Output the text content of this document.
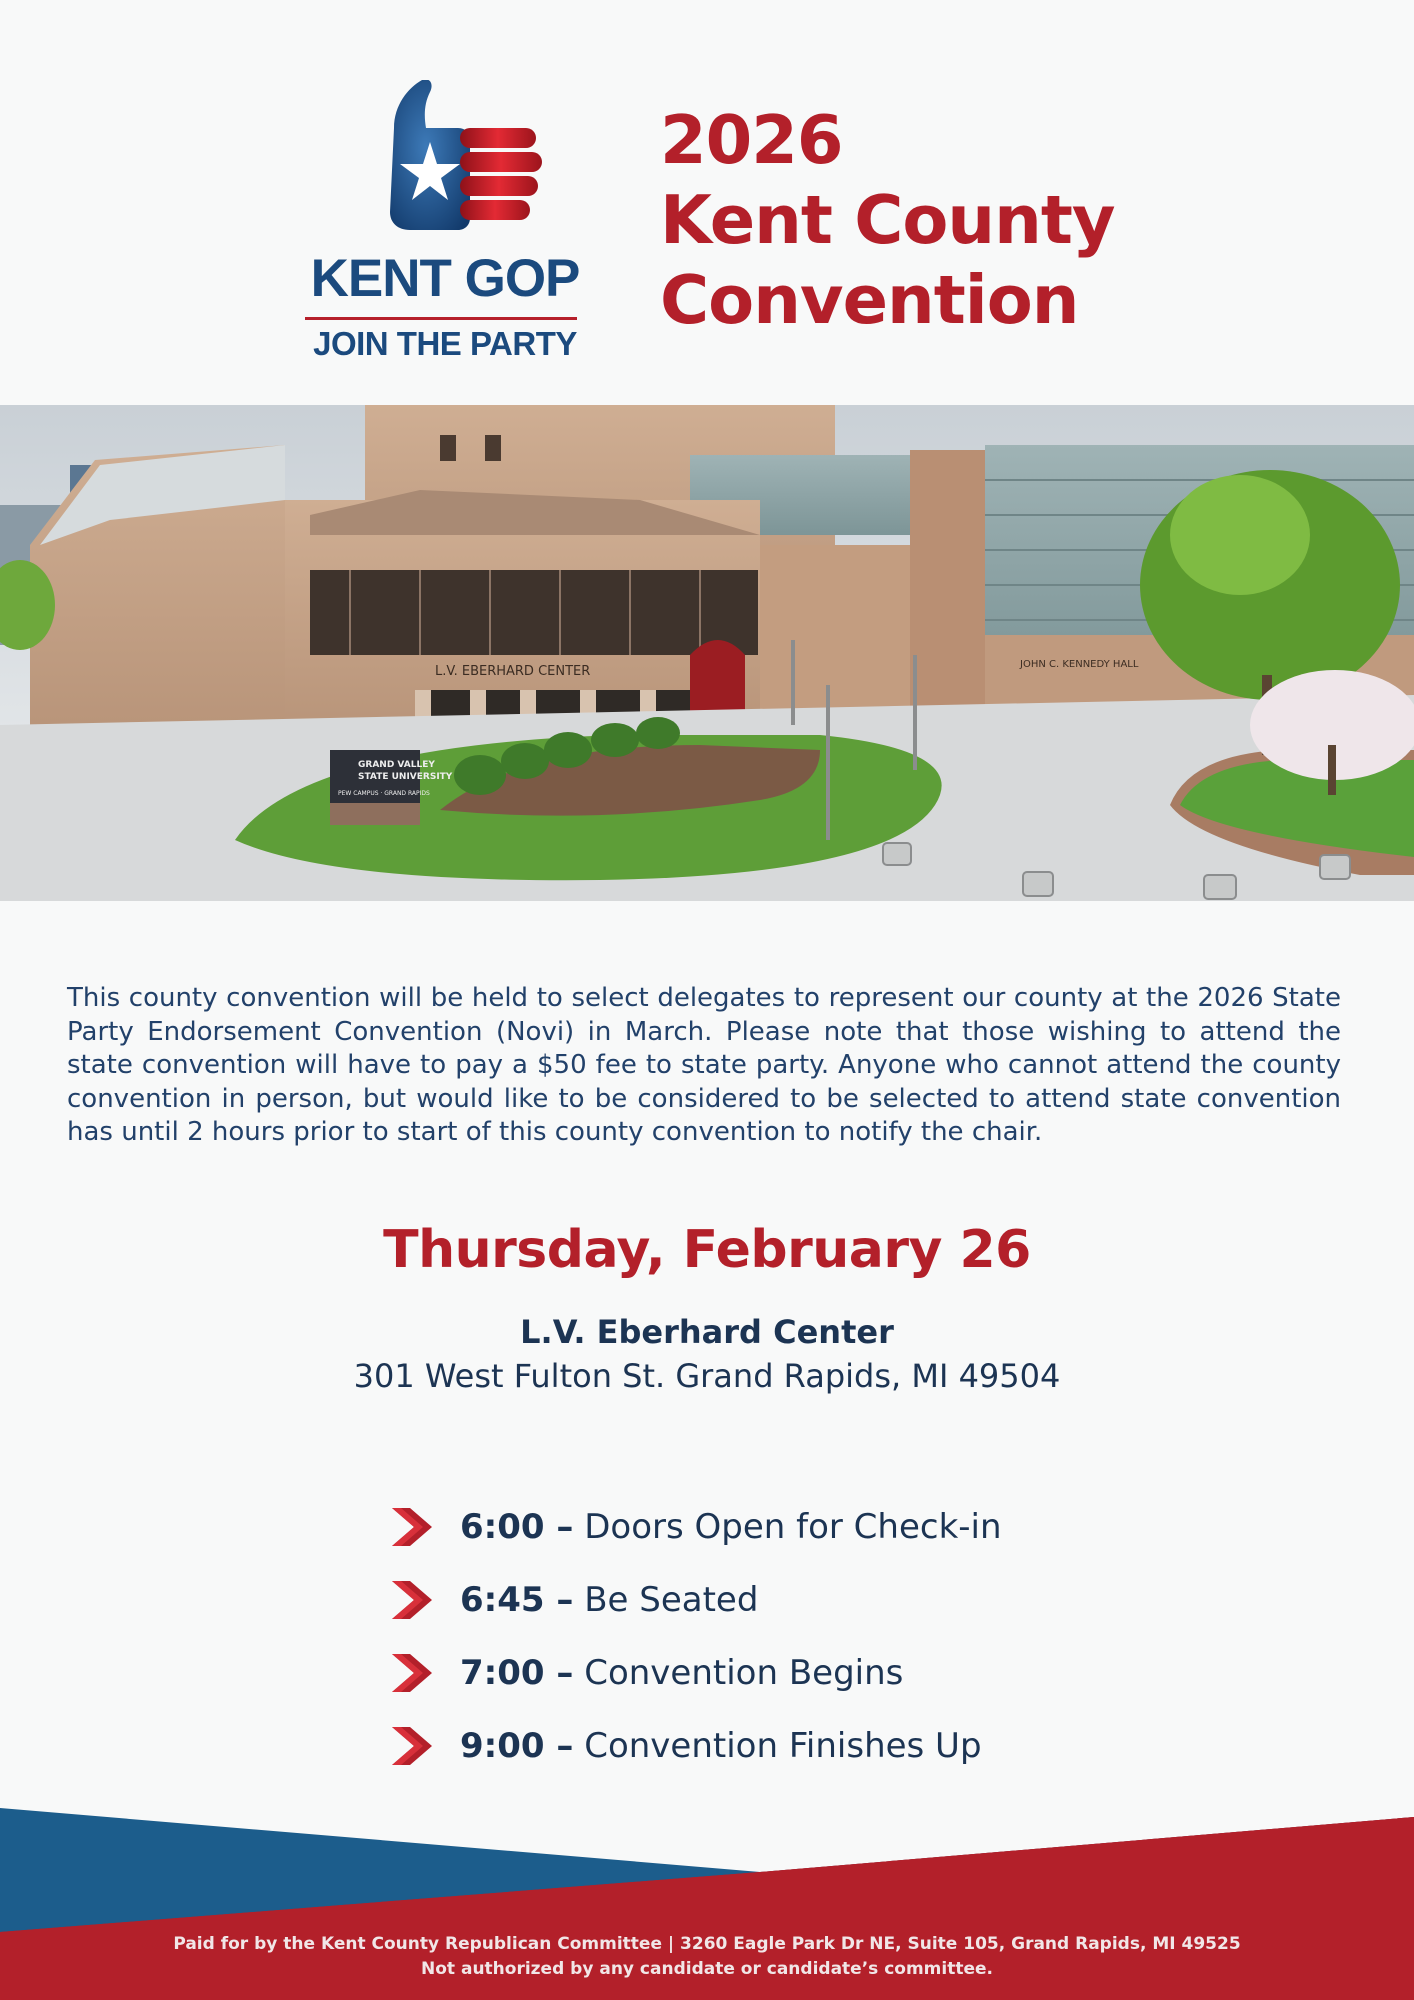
KENT GOP
JOIN THE PARTY
2026
Kent County
Convention
L.V. EBERHARD CENTER	JOHN C. KENNEDY HALL
GRAND VALLEY
STATE UNIVERSITY
PEW CAMPUS · GRAND RAPIDS

This county convention will be held to select delegates to represent our county at the 2026 State Party Endorsement Convention (Novi) in March. Please note that those wishing to attend the state convention will have to pay a $50 fee to state party. Anyone who cannot attend the county convention in person, but would like to be considered to be selected to attend state convention has until 2 hours prior to start of this county convention to notify the chair.

Thursday, February 26
L.V. Eberhard Center
301 West Fulton St. Grand Rapids, MI 49504
6:00 – Doors Open for Check-in
6:45 – Be Seated
7:00 – Convention Begins
9:00 – Convention Finishes Up
Paid for by the Kent County Republican Committee | 3260 Eagle Park Dr NE, Suite 105, Grand Rapids, MI 49525
Not authorized by any candidate or candidate’s committee.
